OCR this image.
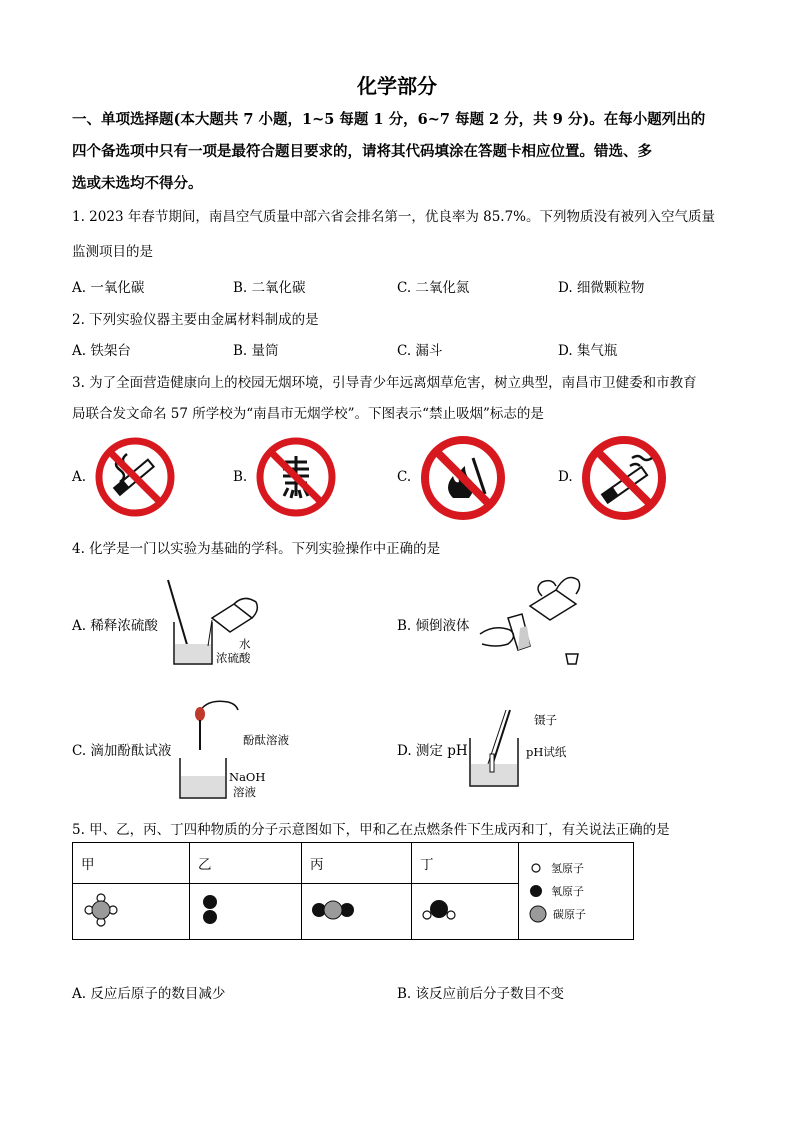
化学部分
一、单项选择题(本大题共 7 小题，1~5 每题 1 分，6~7 每题 2 分，共 9 分)。在每小题列出的
四个备选项中只有一项是最符合题目要求的，请将其代码填涂在答题卡相应位置。错选、多
选或未选均不得分。
1. 2023 年春节期间，南昌空气质量中部六省会排名第一，优良率为 85.7%。下列物质没有被列入空气质量
监测项目的是
A. 一氧化碳	B. 二氧化碳	C. 二氧化氮	D. 细微颗粒物
2. 下列实验仪器主要由金属材料制成的是
A. 铁架台	B. 量筒	C. 漏斗	D. 集气瓶
3. 为了全面营造健康向上的校园无烟环境，引导青少年远离烟草危害，树立典型，南昌市卫健委和市教育
局联合发文命名 57 所学校为“南昌市无烟学校”。下图表示“禁止吸烟”标志的是
A.	B.	C.	D.
4. 化学是一门以实验为基础的学科。下列实验操作中正确的是
A. 稀释浓硫酸
水
浓硫酸
B. 倾倒液体
C. 滴加酚酞试液
酚酞溶液
NaOH
溶液
D. 测定 pH
镊子
pH试纸
5. 甲、乙，丙、丁四种物质的分子示意图如下，甲和乙在点燃条件下生成丙和丁，有关说法正确的是
甲	乙	丙	丁	氢原子
氧原子
碳原子

A. 反应后原子的数目减少	B. 该反应前后分子数目不变
